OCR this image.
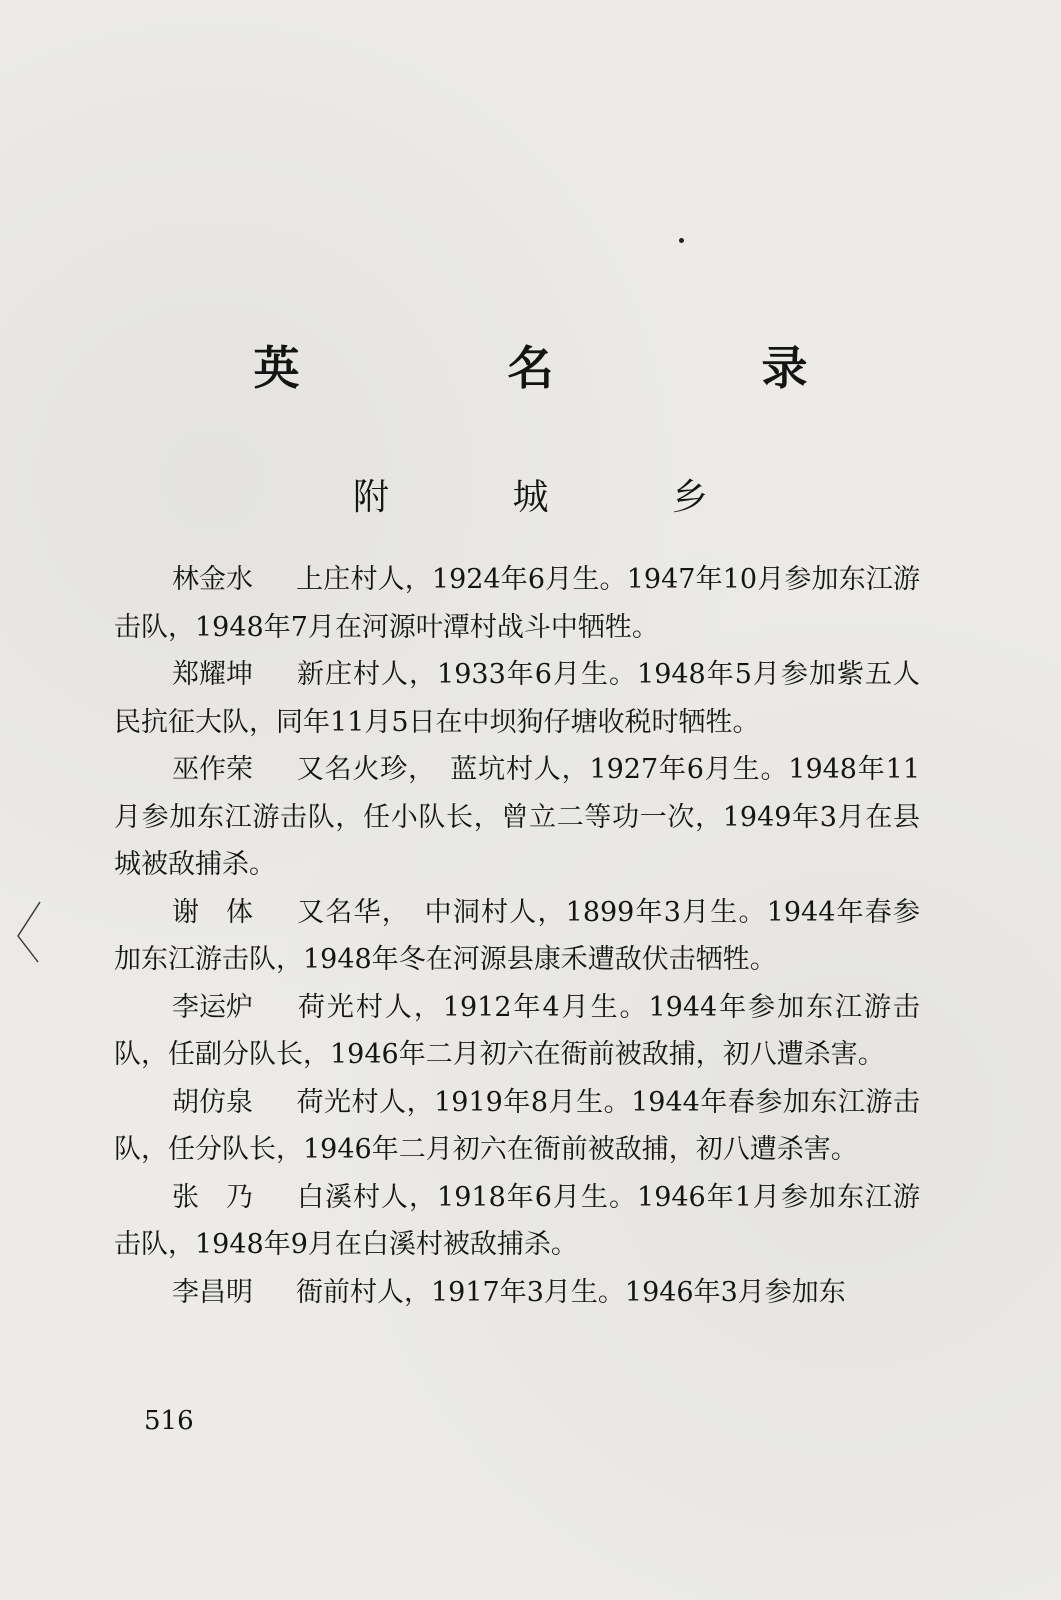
英 名 录
附 城 乡

林金水 上庄村人，1924年6月生。1947年10月参加东江游击队，1948年7月在河源叶潭村战斗中牺牲。

郑耀坤 新庄村人，1933年6月生。1948年5月参加紫五人民抗征大队，同年11月5日在中坝狗仔塘收税时牺牲。

巫作荣 又名火珍，　蓝坑村人，1927年6月生。1948年11月参加东江游击队，任小队长，曾立二等功一次，1949年3月在县城被敌捕杀。

谢　体 又名华，　中洞村人，1899年3月生。1944年春参加东江游击队，1948年冬在河源县康禾遭敌伏击牺牲。

李运炉 荷光村人，1912年4月生。1944年参加东江游击队，任副分队长，1946年二月初六在衙前被敌捕，初八遭杀害。

胡仿泉 荷光村人，1919年8月生。1944年春参加东江游击队，任分队长，1946年二月初六在衙前被敌捕，初八遭杀害。

张　乃 白溪村人，1918年6月生。1946年1月参加东江游击队，1948年9月在白溪村被敌捕杀。

李昌明 衙前村人，1917年3月生。1946年3月参加东

516
